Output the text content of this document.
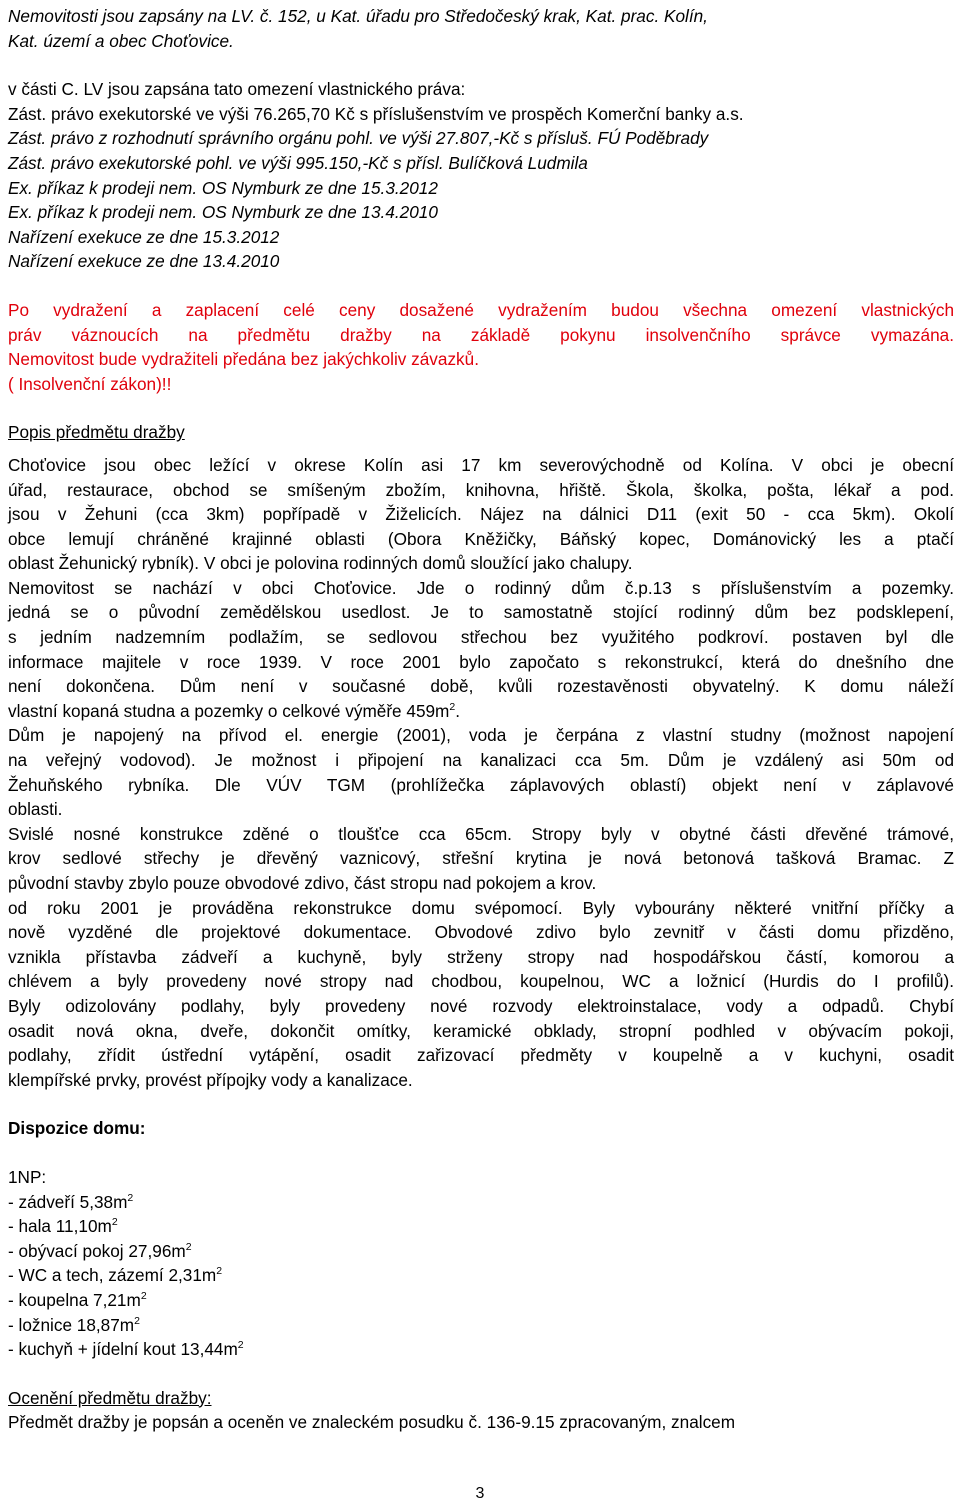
Nemovitosti jsou zapsány na LV. č. 152, u Kat. úřadu pro Středočeský krak, Kat. prac. Kolín,
Kat. území a obec Choťovice.
v části C. LV jsou zapsána tato omezení vlastnického práva:
Zást. právo exekutorské ve výši 76.265,70 Kč s příslušenstvím ve prospěch Komerční banky a.s.
Zást. právo z rozhodnutí správního orgánu pohl. ve výši 27.807,-Kč s přísluš. FÚ Poděbrady
Zást. právo exekutorské pohl. ve výši 995.150,-Kč s přísl. Bulíčková Ludmila
Ex. příkaz k prodeji nem. OS Nymburk ze dne 15.3.2012
Ex. příkaz k prodeji nem. OS Nymburk ze dne 13.4.2010
Nařízení exekuce ze dne 15.3.2012
Nařízení exekuce ze dne 13.4.2010
Po vydražení a zaplacení celé ceny dosažené vydražením budou všechna omezení vlastnických
práv váznoucích na předmětu dražby na základě pokynu insolvenčního správce vymazána.
Nemovitost bude vydražiteli předána bez jakýchkoliv závazků.
( Insolvenční zákon)!!
Popis předmětu dražby
Choťovice jsou obec ležící v okrese Kolín asi 17 km severovýchodně od Kolína. V obci je obecní
úřad, restaurace, obchod se smíšeným zbožím, knihovna, hřiště. Škola, školka, pošta, lékař a pod.
jsou v Žehuni (cca 3km) popřípadě v Žiželicích. Nájez na dálnici D11 (exit 50 - cca 5km). Okolí
obce lemují chráněné krajinné oblasti (Obora Kněžičky, Báňský kopec, Dománovický les a ptačí
oblast Žehunický rybník). V obci je polovina rodinných domů sloužící jako chalupy.
Nemovitost se nachází v obci Choťovice. Jde o rodinný dům č.p.13 s příslušenstvím a pozemky.
jedná se o původní zemědělskou usedlost. Je to samostatně stojící rodinný dům bez podsklepení,
s jedním nadzemním podlažím, se sedlovou střechou bez využitého podkroví. postaven byl dle
informace majitele v roce 1939. V roce 2001 bylo započato s rekonstrukcí, která do dnešního dne
není dokončena. Dům není v současné době, kvůli rozestavěnosti obyvatelný. K domu náleží
vlastní kopaná studna a pozemky o celkové výměře $459m^2$.
Dům je napojený na přívod el. energie (2001), voda je čerpána z vlastní studny (možnost napojení
na veřejný vodovod). Je možnost i připojení na kanalizaci cca 5m. Dům je vzdálený asi 50m od
Žehuňského rybníka. Dle VÚV TGM (prohlížečka záplavových oblastí) objekt není v záplavové
oblasti.
Svislé nosné konstrukce zděné o tloušťce cca 65cm. Stropy byly v obytné části dřevěné trámové,
krov sedlové střechy je dřevěný vaznicový, střešní krytina je nová betonová tašková Bramac. Z
původní stavby zbylo pouze obvodové zdivo, část stropu nad pokojem a krov.
od roku 2001 je prováděna rekonstrukce domu svépomocí. Byly vybourány některé vnitřní příčky a
nově vyzděné dle projektové dokumentace. Obvodové zdivo bylo zevnitř v části domu přizděno,
vznikla přístavba zádveří a kuchyně, byly strženy stropy nad hospodářskou částí, komorou a
chlévem a byly provedeny nové stropy nad chodbou, koupelnou, WC a ložnicí (Hurdis do I profilů).
Byly odizolovány podlahy, byly provedeny nové rozvody elektroinstalace, vody a odpadů. Chybí
osadit nová okna, dveře, dokončit omítky, keramické obklady, stropní podhled v obývacím pokoji,
podlahy, zřídit ústřední vytápění, osadit zařizovací předměty v koupelně a v kuchyni, osadit
klempířské prvky, provést přípojky vody a kanalizace.
Dispozice domu:
1NP:
- zádveří $5,38m^2$
- hala $11,10m^2$
- obývací pokoj $27,96m^2$
- WC a tech, zázemí $2,31m^2$
- koupelna $7,21m^2$
- ložnice $18,87m^2$
- kuchyň + jídelní kout $13,44m^2$
Ocenění předmětu dražby:
Předmět dražby je popsán a oceněn ve znaleckém posudku č. 136-9.15 zpracovaným, znalcem
3
